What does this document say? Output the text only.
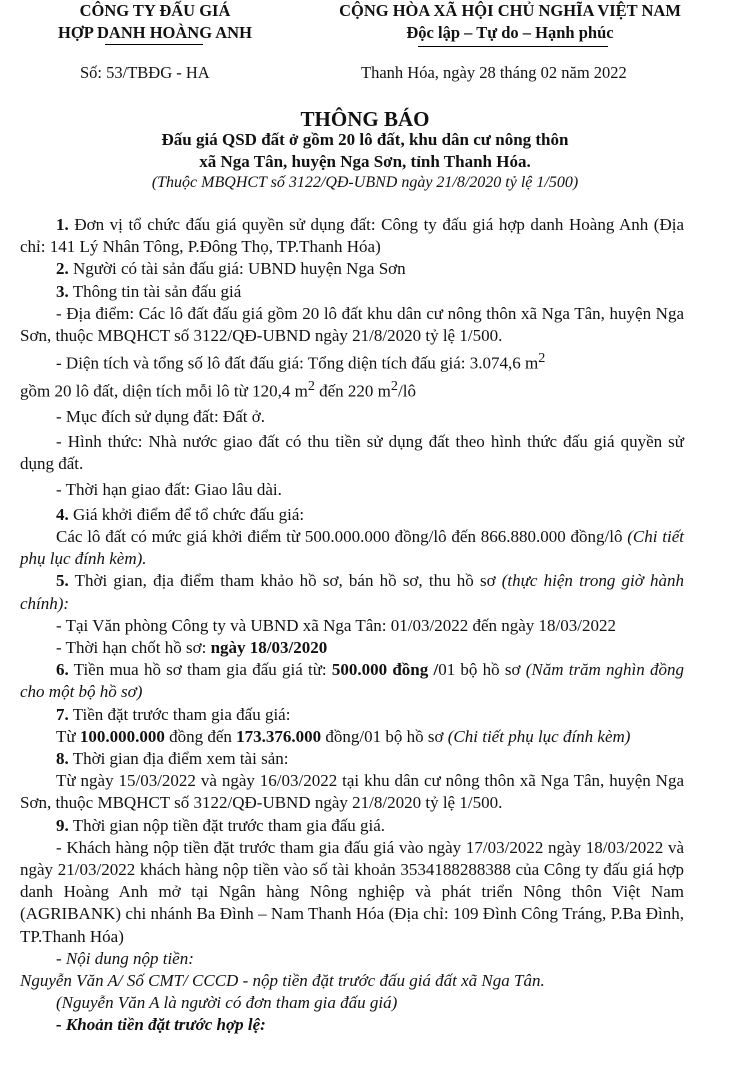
CÔNG TY ĐẤU GIÁ
HỢP DANH HOÀNG ANH
CỘNG HÒA XÃ HỘI CHỦ NGHĨA VIỆT NAM
Độc lập – Tự do – Hạnh phúc
Số: 53/TBĐG - HA	Thanh Hóa, ngày 28 tháng 02 năm 2022
THÔNG BÁO
Đấu giá QSD đất ở gồm 20 lô đất, khu dân cư nông thôn
xã Nga Tân, huyện Nga Sơn, tỉnh Thanh Hóa.
(Thuộc MBQHCT số 3122/QĐ-UBND ngày 21/8/2020 tỷ lệ 1/500)

1. Đơn vị tổ chức đấu giá quyền sử dụng đất: Công ty đấu giá hợp danh Hoàng Anh (Địa chỉ: 141 Lý Nhân Tông, P.Đông Thọ, TP.Thanh Hóa)

2. Người có tài sản đấu giá: UBND huyện Nga Sơn

3. Thông tin tài sản đấu giá

- Địa điểm: Các lô đất đấu giá gồm 20 lô đất khu dân cư nông thôn xã Nga Tân, huyện Nga Sơn, thuộc MBQHCT số 3122/QĐ-UBND ngày 21/8/2020 tỷ lệ 1/500.

- Diện tích và tổng số lô đất đấu giá: Tổng diện tích đấu giá: 3.074,6 $m^2$

gồm 20 lô đất, diện tích mỗi lô từ 120,4 $m^2$ đến 220 $m^2/lô$

- Mục đích sử dụng đất: Đất ở.

- Hình thức: Nhà nước giao đất có thu tiền sử dụng đất theo hình thức đấu giá quyền sử dụng đất.

- Thời hạn giao đất: Giao lâu dài.

4. Giá khởi điểm để tổ chức đấu giá:

Các lô đất có mức giá khởi điểm từ 500.000.000 đồng/lô đến 866.880.000 đồng/lô (Chi tiết phụ lục đính kèm).

5. Thời gian, địa điểm tham khảo hồ sơ, bán hồ sơ, thu hồ sơ (thực hiện trong giờ hành chính):

- Tại Văn phòng Công ty và UBND xã Nga Tân: 01/03/2022 đến ngày 18/03/2022

- Thời hạn chốt hồ sơ: ngày 18/03/2020

6. Tiền mua hồ sơ tham gia đấu giá từ: 500.000 đồng /01 bộ hồ sơ (Năm trăm nghìn đồng cho một bộ hồ sơ)

7. Tiền đặt trước tham gia đấu giá:

Từ 100.000.000 đồng đến 173.376.000 đồng/01 bộ hồ sơ (Chi tiết phụ lục đính kèm)

8. Thời gian địa điểm xem tài sản:

Từ ngày 15/03/2022 và ngày 16/03/2022 tại khu dân cư nông thôn xã Nga Tân, huyện Nga Sơn, thuộc MBQHCT số 3122/QĐ-UBND ngày 21/8/2020 tỷ lệ 1/500.

9. Thời gian nộp tiền đặt trước tham gia đấu giá.

- Khách hàng nộp tiền đặt trước tham gia đấu giá vào ngày 17/03/2022 ngày 18/03/2022 và ngày 21/03/2022 khách hàng nộp tiền vào số tài khoản 3534188288388 của Công ty đấu giá hợp danh Hoàng Anh mở tại Ngân hàng Nông nghiệp và phát triển Nông thôn Việt Nam (AGRIBANK) chi nhánh Ba Đình – Nam Thanh Hóa (Địa chỉ: 109 Đình Công Tráng, P.Ba Đình, TP.Thanh Hóa)

- Nội dung nộp tiền:

Nguyễn Văn A/ Số CMT/ CCCD - nộp tiền đặt trước đấu giá đất xã Nga Tân.

(Nguyễn Văn A là người có đơn tham gia đấu giá)

- Khoản tiền đặt trước hợp lệ:
